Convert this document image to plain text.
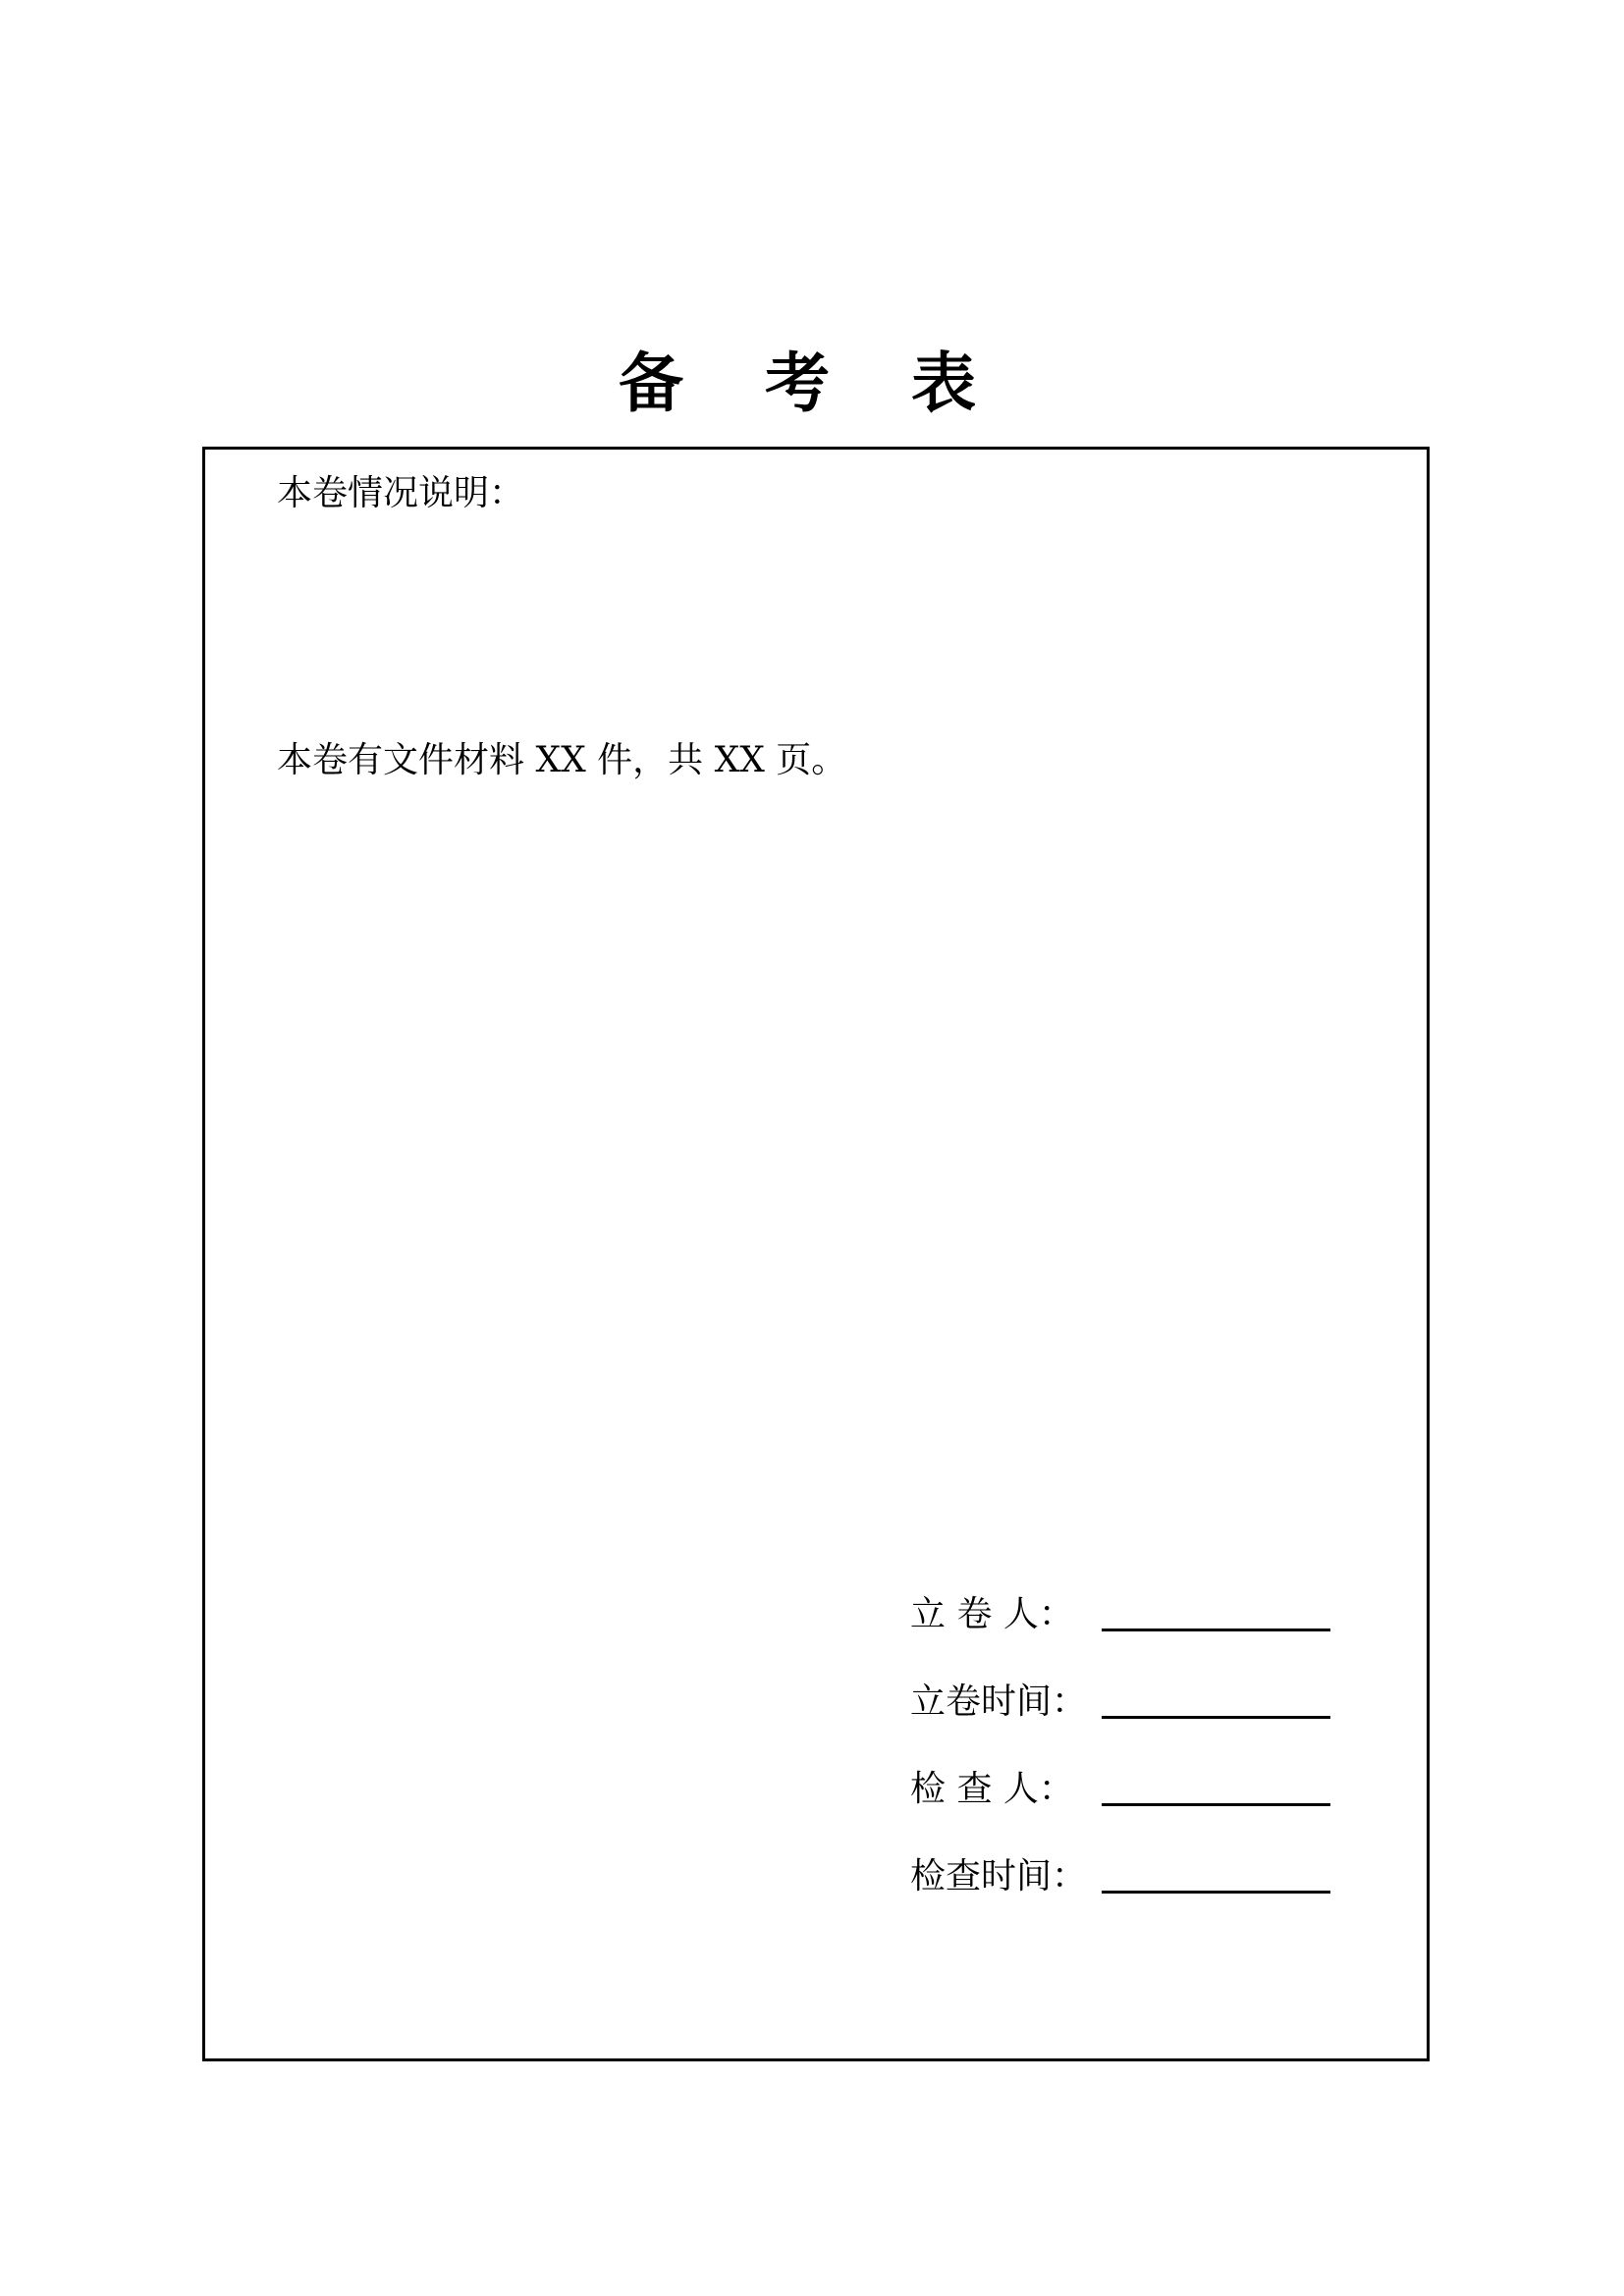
备 考 表
本卷情况说明：
本卷有文件材料 XX 件，共 XX 页。
立 卷 人：
立卷时间：
检 查 人：
检查时间：
